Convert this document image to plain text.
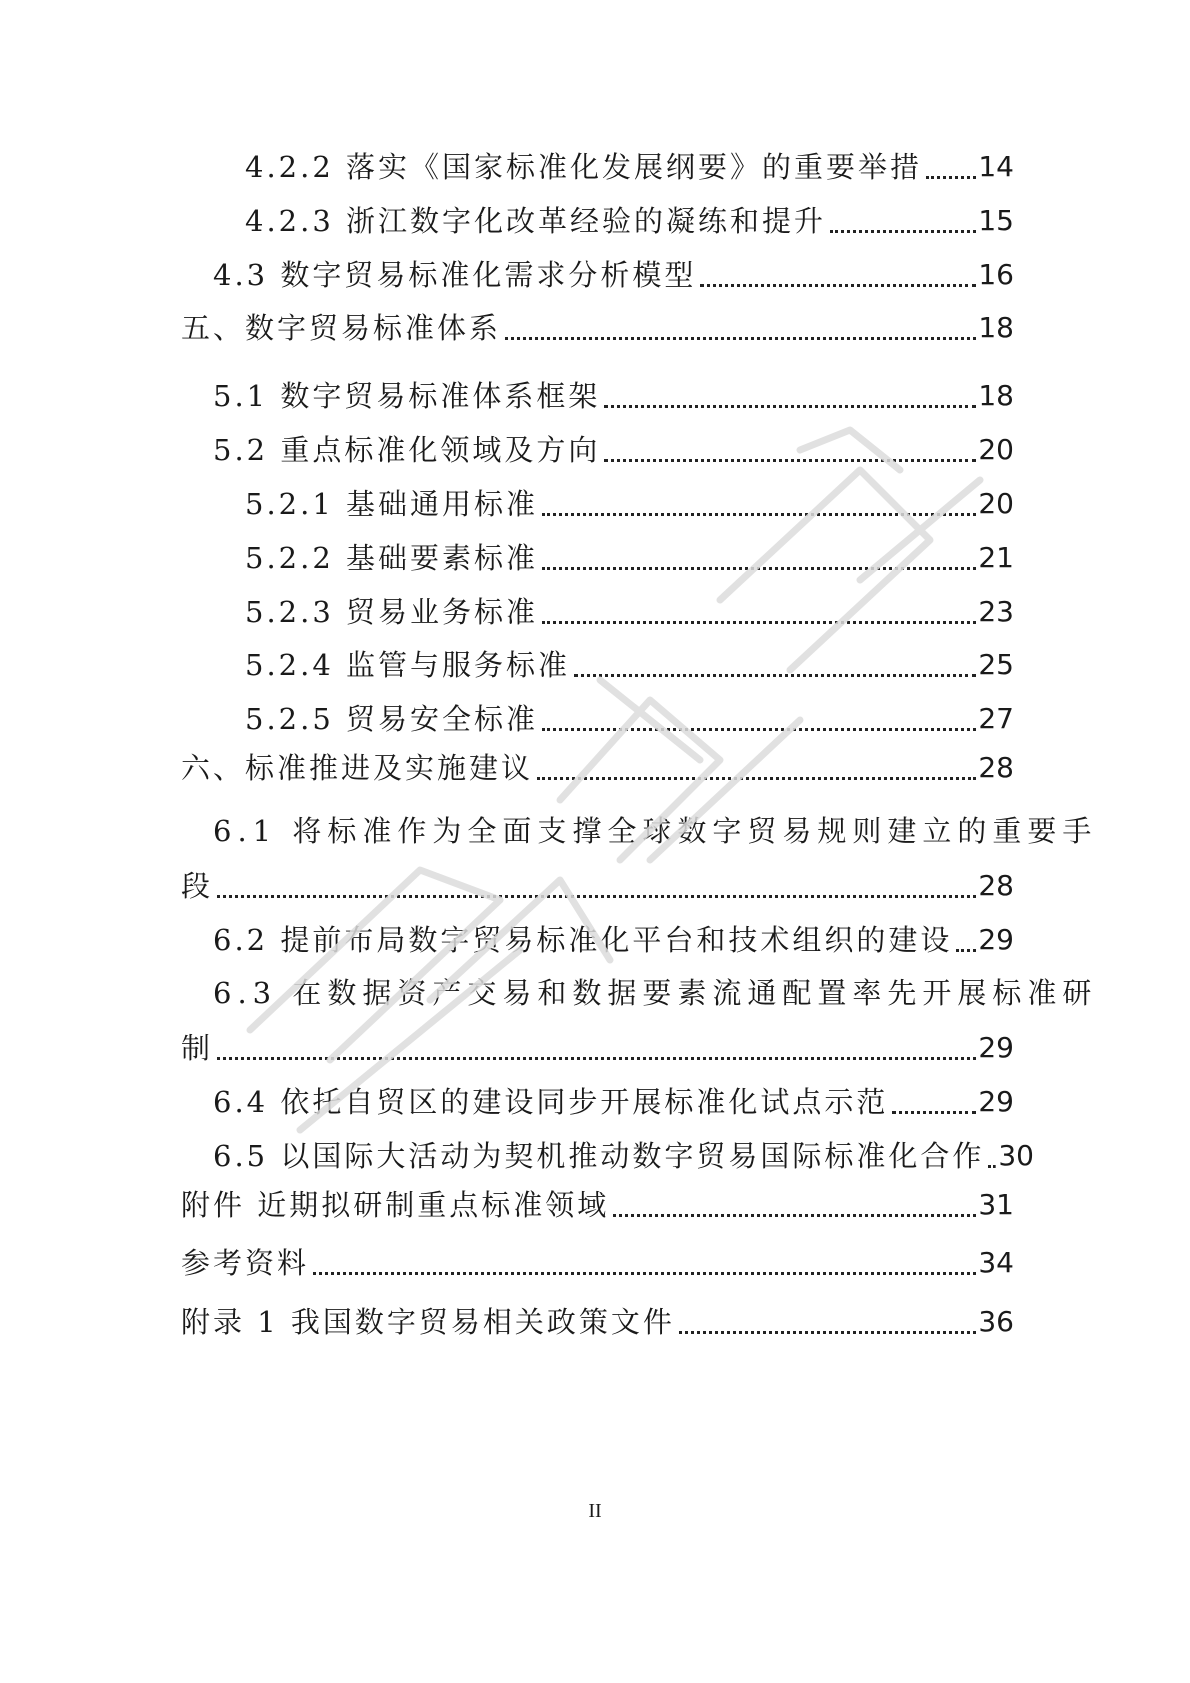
4.2.2 落实《国家标准化发展纲要》的重要举措 14
4.2.3 浙江数字化改革经验的凝练和提升	15
4.3 数字贸易标准化需求分析模型	16
五、数字贸易标准体系	18
5.1 数字贸易标准体系框架	18
5.2 重点标准化领域及方向	20
5.2.1 基础通用标准	20
5.2.2 基础要素标准	21
5.2.3 贸易业务标准	23
5.2.4 监管与服务标准	25
5.2.5 贸易安全标准	27
六、标准推进及实施建议	28
6.1 将标准作为全面支撑全球数字贸易规则建立的重要手
段	28
6.2 提前布局数字贸易标准化平台和技术组织的建设 29
6.3 在数据资产交易和数据要素流通配置率先开展标准研
制	29
6.4 依托自贸区的建设同步开展标准化试点示范	29
6.5 以国际大活动为契机推动数字贸易国际标准化合作 30
附件 近期拟研制重点标准领域	31
参考资料	34
附录 1 我国数字贸易相关政策文件	36
II
